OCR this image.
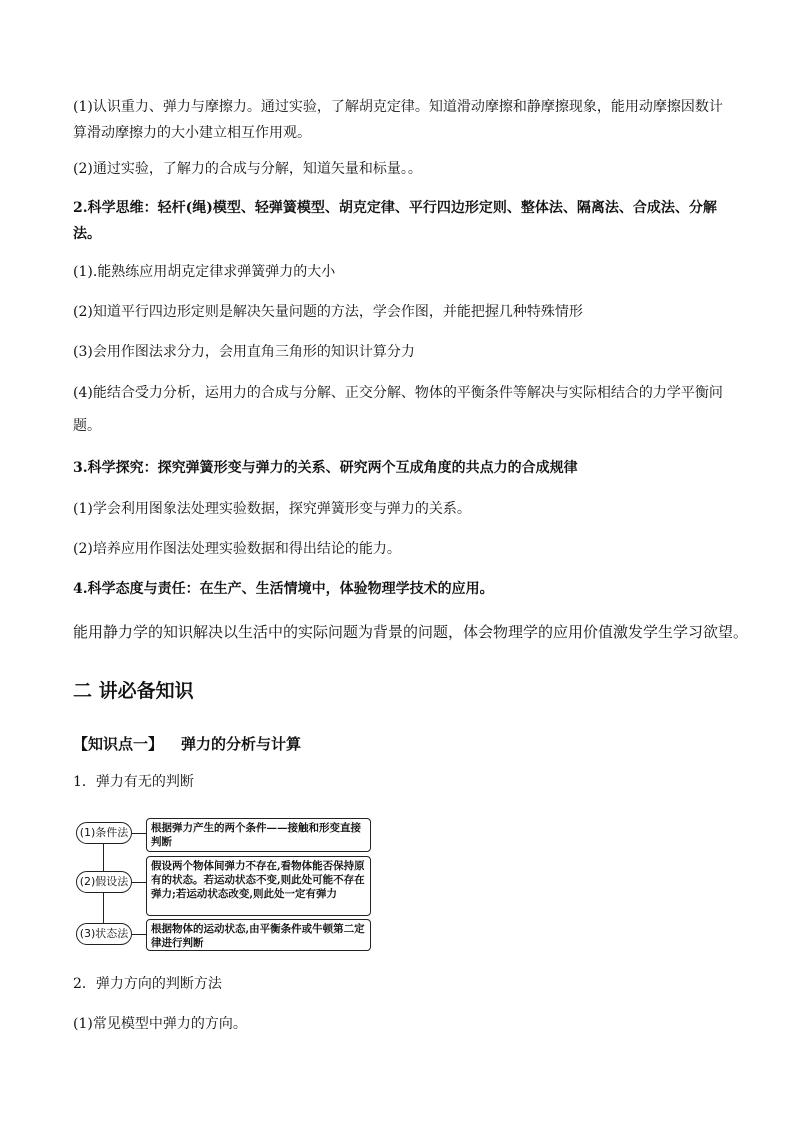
(1)认识重力、弹力与摩擦力。通过实验，了解胡克定律。知道滑动摩擦和静摩擦现象，能用动摩擦因数计
算滑动摩擦力的大小建立相互作用观。
(2)通过实验，了解力的合成与分解，知道矢量和标量。。
2.科学思维：轻杆(绳)模型、轻弹簧模型、胡克定律、平行四边形定则、整体法、隔离法、合成法、分解
法。
(1).能熟练应用胡克定律求弹簧弹力的大小
(2)知道平行四边形定则是解决矢量问题的方法，学会作图，并能把握几种特殊情形
(3)会用作图法求分力，会用直角三角形的知识计算分力
(4)能结合受力分析，运用力的合成与分解、正交分解、物体的平衡条件等解决与实际相结合的力学平衡问
题。
3.科学探究：探究弹簧形变与弹力的关系、研究两个互成角度的共点力的合成规律
(1)学会利用图象法处理实验数据，探究弹簧形变与弹力的关系。
(2)培养应用作图法处理实验数据和得出结论的能力。
4.科学态度与责任：在生产、生活情境中，体验物理学技术的应用。
能用静力学的知识解决以生活中的实际问题为背景的问题，体会物理学的应用价值激发学生学习欲望。
二 讲必备知识
【知识点一】 弹力的分析与计算
1．弹力有无的判断
(1)条件法	根据弹力产生的两个条件——接触和形变直接判断
(2)假设法
假设两个物体间弹力不存在,看物体能否保持原有的状态。若运动状态不变,则此处可能不存在弹力;若运动状态改变,则此处一定有弹力
(3)状态法	根据物体的运动状态,由平衡条件或牛顿第二定律进行判断
2．弹力方向的判断方法
(1)常见模型中弹力的方向。
